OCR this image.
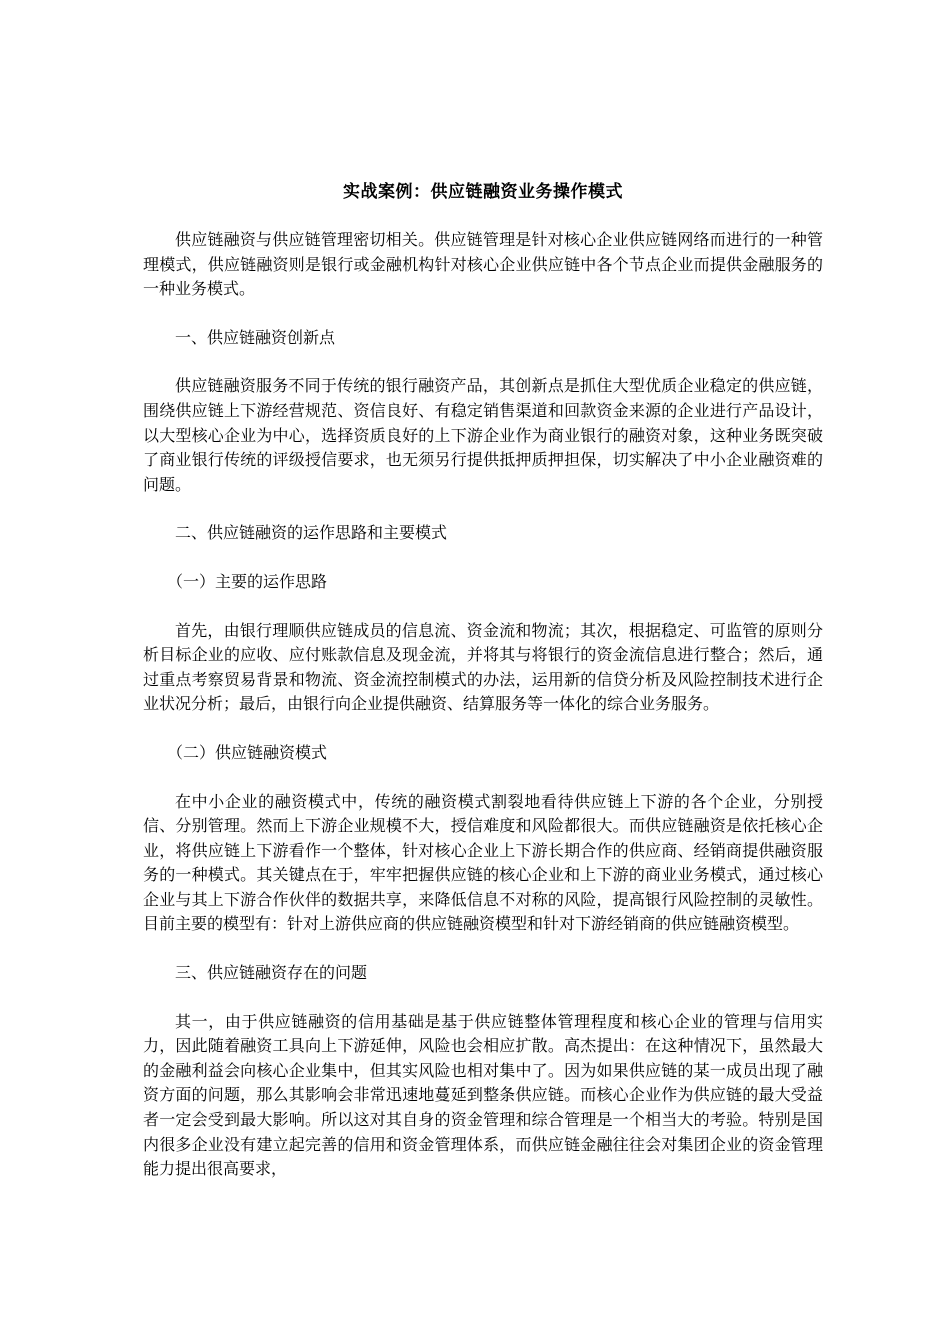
实战案例：供应链融资业务操作模式

供应链融资与供应链管理密切相关。供应链管理是针对核心企业供应链网络而进行的一种管理模式，供应链融资则是银行或金融机构针对核心企业供应链中各个节点企业而提供金融服务的一种业务模式。

一、供应链融资创新点

供应链融资服务不同于传统的银行融资产品，其创新点是抓住大型优质企业稳定的供应链，围绕供应链上下游经营规范、资信良好、有稳定销售渠道和回款资金来源的企业进行产品设计，以大型核心企业为中心，选择资质良好的上下游企业作为商业银行的融资对象，这种业务既突破了商业银行传统的评级授信要求，也无须另行提供抵押质押担保，切实解决了中小企业融资难的问题。

二、供应链融资的运作思路和主要模式

（一）主要的运作思路

首先，由银行理顺供应链成员的信息流、资金流和物流；其次，根据稳定、可监管的原则分析目标企业的应收、应付账款信息及现金流，并将其与将银行的资金流信息进行整合；然后，通过重点考察贸易背景和物流、资金流控制模式的办法，运用新的信贷分析及风险控制技术进行企业状况分析；最后，由银行向企业提供融资、结算服务等一体化的综合业务服务。

（二）供应链融资模式

在中小企业的融资模式中，传统的融资模式割裂地看待供应链上下游的各个企业，分别授信、分别管理。然而上下游企业规模不大，授信难度和风险都很大。而供应链融资是依托核心企业，将供应链上下游看作一个整体，针对核心企业上下游长期合作的供应商、经销商提供融资服务的一种模式。其关键点在于，牢牢把握供应链的核心企业和上下游的商业业务模式，通过核心企业与其上下游合作伙伴的数据共享，来降低信息不对称的风险，提高银行风险控制的灵敏性。 目前主要的模型有：针对上游供应商的供应链融资模型和针对下游经销商的供应链融资模型。

三、供应链融资存在的问题

其一，由于供应链融资的信用基础是基于供应链整体管理程度和核心企业的管理与信用实力，因此随着融资工具向上下游延伸，风险也会相应扩散。高杰提出：在这种情况下，虽然最大的金融利益会向核心企业集中，但其实风险也相对集中了。因为如果供应链的某一成员出现了融资方面的问题，那么其影响会非常迅速地蔓延到整条供应链。而核心企业作为供应链的最大受益者一定会受到最大影响。所以这对其自身的资金管理和综合管理是一个相当大的考验。特别是国内很多企业没有建立起完善的信用和资金管理体系，而供应链金融往往会对集团企业的资金管理能力提出很高要求，
